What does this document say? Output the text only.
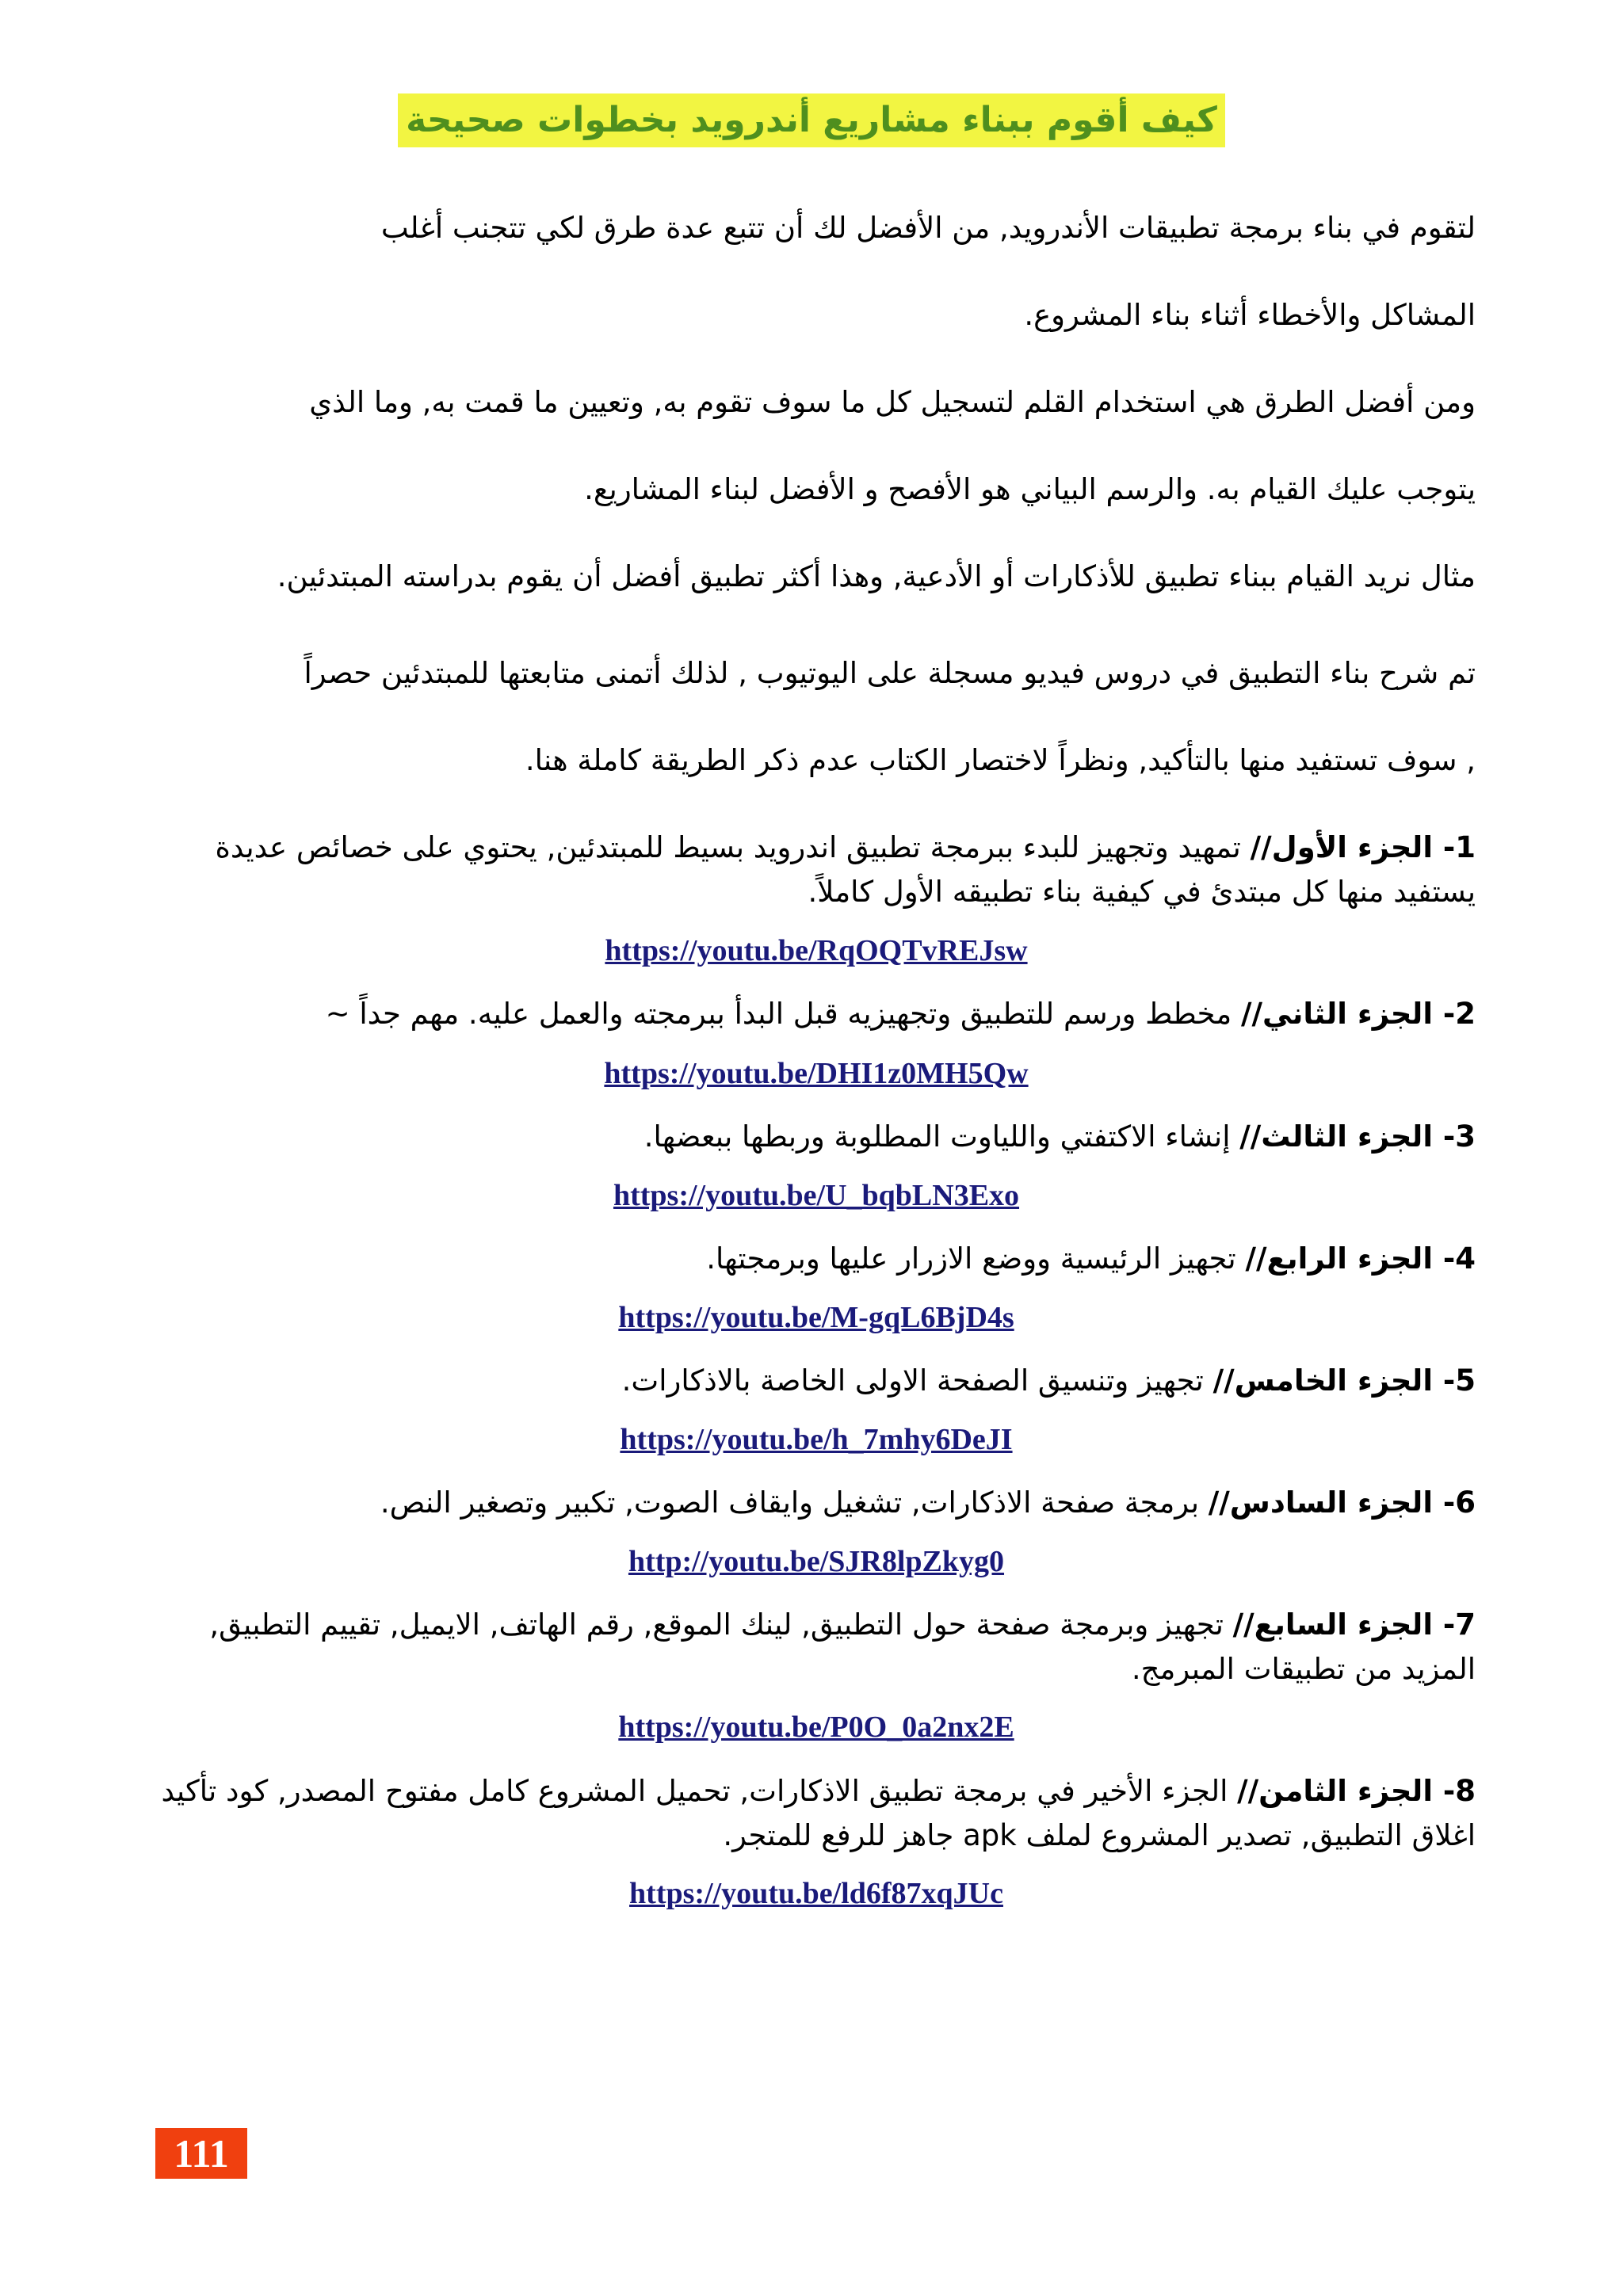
كيف أقوم ببناء مشاريع أندرويد بخطوات صحيحة
لتقوم في بناء برمجة تطبيقات الأندرويد, من الأفضل لك أن تتبع عدة طرق لكي تتجنب أغلب
المشاكل والأخطاء أثناء بناء المشروع.
ومن أفضل الطرق هي استخدام القلم لتسجيل كل ما سوف تقوم به, وتعيين ما قمت به, وما الذي
يتوجب عليك القيام به. والرسم البياني هو الأفصح و الأفضل لبناء المشاريع.
مثال نريد القيام ببناء تطبيق للأذكارات أو الأدعية, وهذا أكثر تطبيق أفضل أن يقوم بدراسته المبتدئين.
تم شرح بناء التطبيق في دروس فيديو مسجلة على اليوتيوب , لذلك أتمنى متابعتها للمبتدئين حصراً
, سوف تستفيد منها بالتأكيد, ونظراً لاختصار الكتاب عدم ذكر الطريقة كاملة هنا.
1- الجزء الأول// تمهيد وتجهيز للبدء ببرمجة تطبيق اندرويد بسيط للمبتدئين, يحتوي على خصائص عديدة يستفيد منها كل مبتدئ في كيفية بناء تطبيقه الأول كاملاً.
https://youtu.be/RqOQTvREJsw
2- الجزء الثاني// مخطط ورسم للتطبيق وتجهيزيه قبل البدأ ببرمجته والعمل عليه. مهم جداً ~
https://youtu.be/DHI1z0MH5Qw
3- الجزء الثالث// إنشاء الاكتفتي واللياوت المطلوبة وربطها ببعضها.
https://youtu.be/U_bqbLN3Exo
4- الجزء الرابع// تجهيز الرئيسية ووضع الازرار عليها وبرمجتها.
https://youtu.be/M-gqL6BjD4s
5- الجزء الخامس// تجهيز وتنسيق الصفحة الاولى الخاصة بالاذكارات.
https://youtu.be/h_7mhy6DeJI
6- الجزء السادس// برمجة صفحة الاذكارات, تشغيل وايقاف الصوت, تكبير وتصغير النص.
http://youtu.be/SJR8lpZkyg0
7- الجزء السابع// تجهيز وبرمجة صفحة حول التطبيق, لينك الموقع, رقم الهاتف, الايميل, تقييم التطبيق, المزيد من تطبيقات المبرمج.
https://youtu.be/P0O_0a2nx2E
8- الجزء الثامن// الجزء الأخير في برمجة تطبيق الاذكارات, تحميل المشروع كامل مفتوح المصدر, كود تأكيد اغلاق التطبيق, تصدير المشروع لملف apk جاهز للرفع للمتجر.
https://youtu.be/ld6f87xqJUc
111
